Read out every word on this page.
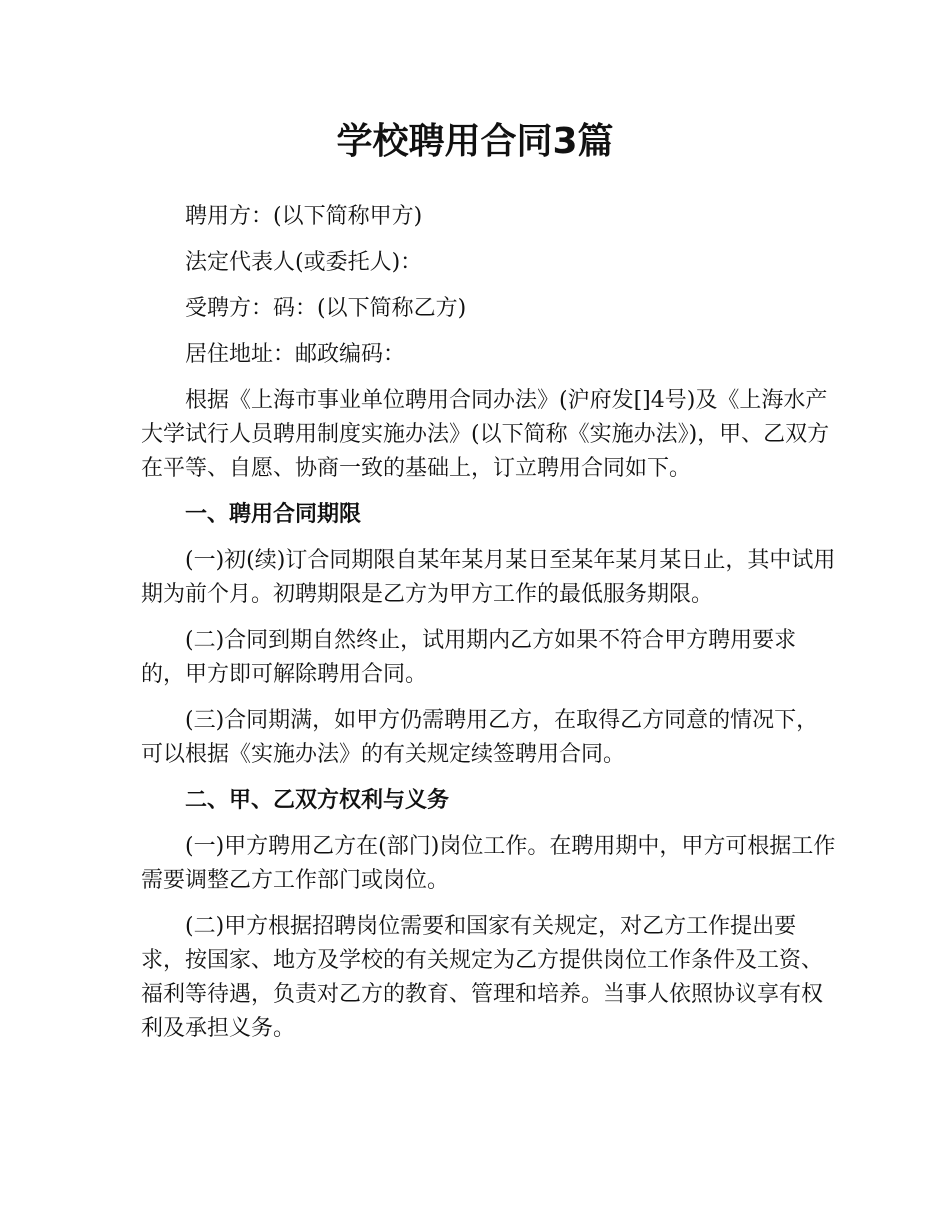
学校聘用合同3篇

聘用方：(以下简称甲方)

法定代表人(或委托人)：

受聘方：码：(以下简称乙方)

居住地址：邮政编码：

根据《上海市事业单位聘用合同办法》(沪府发[]4号)及《上海水产大学试行人员聘用制度实施办法》(以下简称《实施办法》)，甲、乙双方在平等、自愿、协商一致的基础上，订立聘用合同如下。

一、聘用合同期限

(一)初(续)订合同期限自某年某月某日至某年某月某日止，其中试用期为前个月。初聘期限是乙方为甲方工作的最低服务期限。

(二)合同到期自然终止，试用期内乙方如果不符合甲方聘用要求的，甲方即可解除聘用合同。

(三)合同期满，如甲方仍需聘用乙方，在取得乙方同意的情况下，可以根据《实施办法》的有关规定续签聘用合同。

二、甲、乙双方权利与义务

(一)甲方聘用乙方在(部门)岗位工作。在聘用期中，甲方可根据工作需要调整乙方工作部门或岗位。

(二)甲方根据招聘岗位需要和国家有关规定，对乙方工作提出要求，按国家、地方及学校的有关规定为乙方提供岗位工作条件及工资、福利等待遇，负责对乙方的教育、管理和培养。当事人依照协议享有权利及承担义务。
